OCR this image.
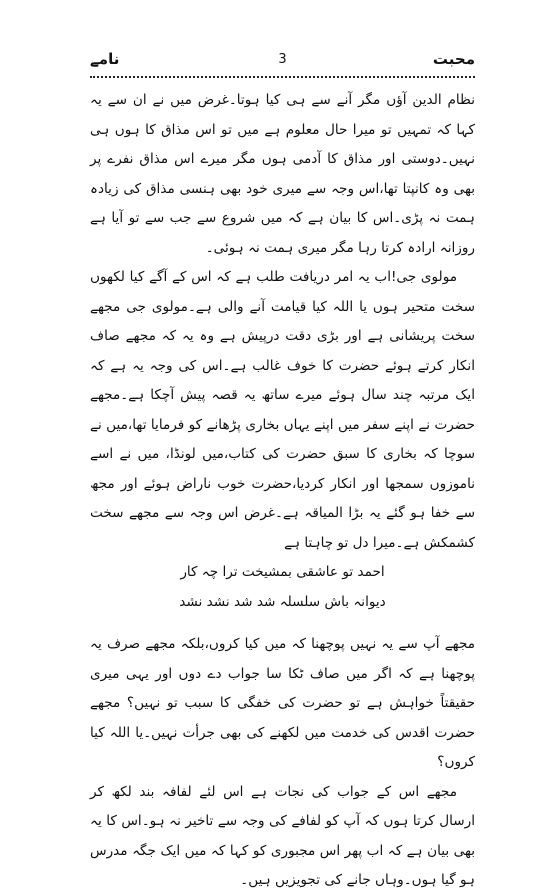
محبت
3
نامے

نظام الدین آؤں مگر آنے سے ہی کیا ہوتا۔غرض میں نے ان سے یہ کہا کہ تمہیں تو میرا حال معلوم ہے میں تو اس مذاق کا ہوں ہی نہیں۔دوستی اور مذاق کا آدمی ہوں مگر میرے اس مذاق نفرے پر بھی وہ کانپتا تھا،اس وجہ سے میری خود بھی ہنسی مذاق کی زیادہ ہمت نہ پڑی۔اس کا بیان ہے کہ میں شروع سے جب سے تو آیا ہے روزانہ ارادہ کرتا رہا مگر میری ہمت نہ ہوئی۔

مولوی جی!اب یہ امر دریافت طلب ہے کہ اس کے آگے کیا لکھوں سخت متحیر ہوں یا اللہ کیا قیامت آنے والی ہے۔مولوی جی مجھے سخت پریشانی ہے اور بڑی دقت درپیش ہے وہ یہ کہ مجھے صاف انکار کرتے ہوئے حضرت کا خوف غالب ہے۔اس کی وجہ یہ ہے کہ ایک مرتبہ چند سال ہوئے میرے ساتھ یہ قصہ پیش آچکا ہے۔مجھے حضرت نے اپنے سفر میں اپنے یہاں بخاری پڑھانے کو فرمایا تھا،میں نے سوچا کہ بخاری کا سبق حضرت کی کتاب،میں لونڈا، میں نے اسے ناموزوں سمجھا اور انکار کردیا،حضرت خوب ناراض ہوئے اور مجھ سے خفا ہو گئے یہ بڑا المیاقہ ہے۔غرض اس وجہ سے مجھے سخت کشمکش ہے۔میرا دل تو چاہتا ہے

احمد تو عاشقی بمشیخت ترا چہ کار

دیوانہ باش سلسلہ شد شد نشد نشد

مجھے آپ سے یہ نہیں پوچھنا کہ میں کیا کروں،بلکہ مجھے صرف یہ پوچھنا ہے کہ اگر میں صاف ٹکا سا جواب دے دوں اور یہی میری حقیقتاً خواہش ہے تو حضرت کی خفگی کا سبب تو نہیں؟ مجھے حضرت اقدس کی خدمت میں لکھنے کی بھی جرأت نہیں۔یا اللہ کیا کروں؟

مجھے اس کے جواب کی نجات ہے اس لئے لفافہ بند لکھ کر ارسال کرتا ہوں کہ آپ کو لفافے کی وجہ سے تاخیر نہ ہو۔اس کا یہ بھی بیان ہے کہ اب پھر اس مجبوری کو کہا کہ میں ایک جگہ مدرس ہو گیا ہوں۔وہاں جانے کی تجویزیں ہیں۔
